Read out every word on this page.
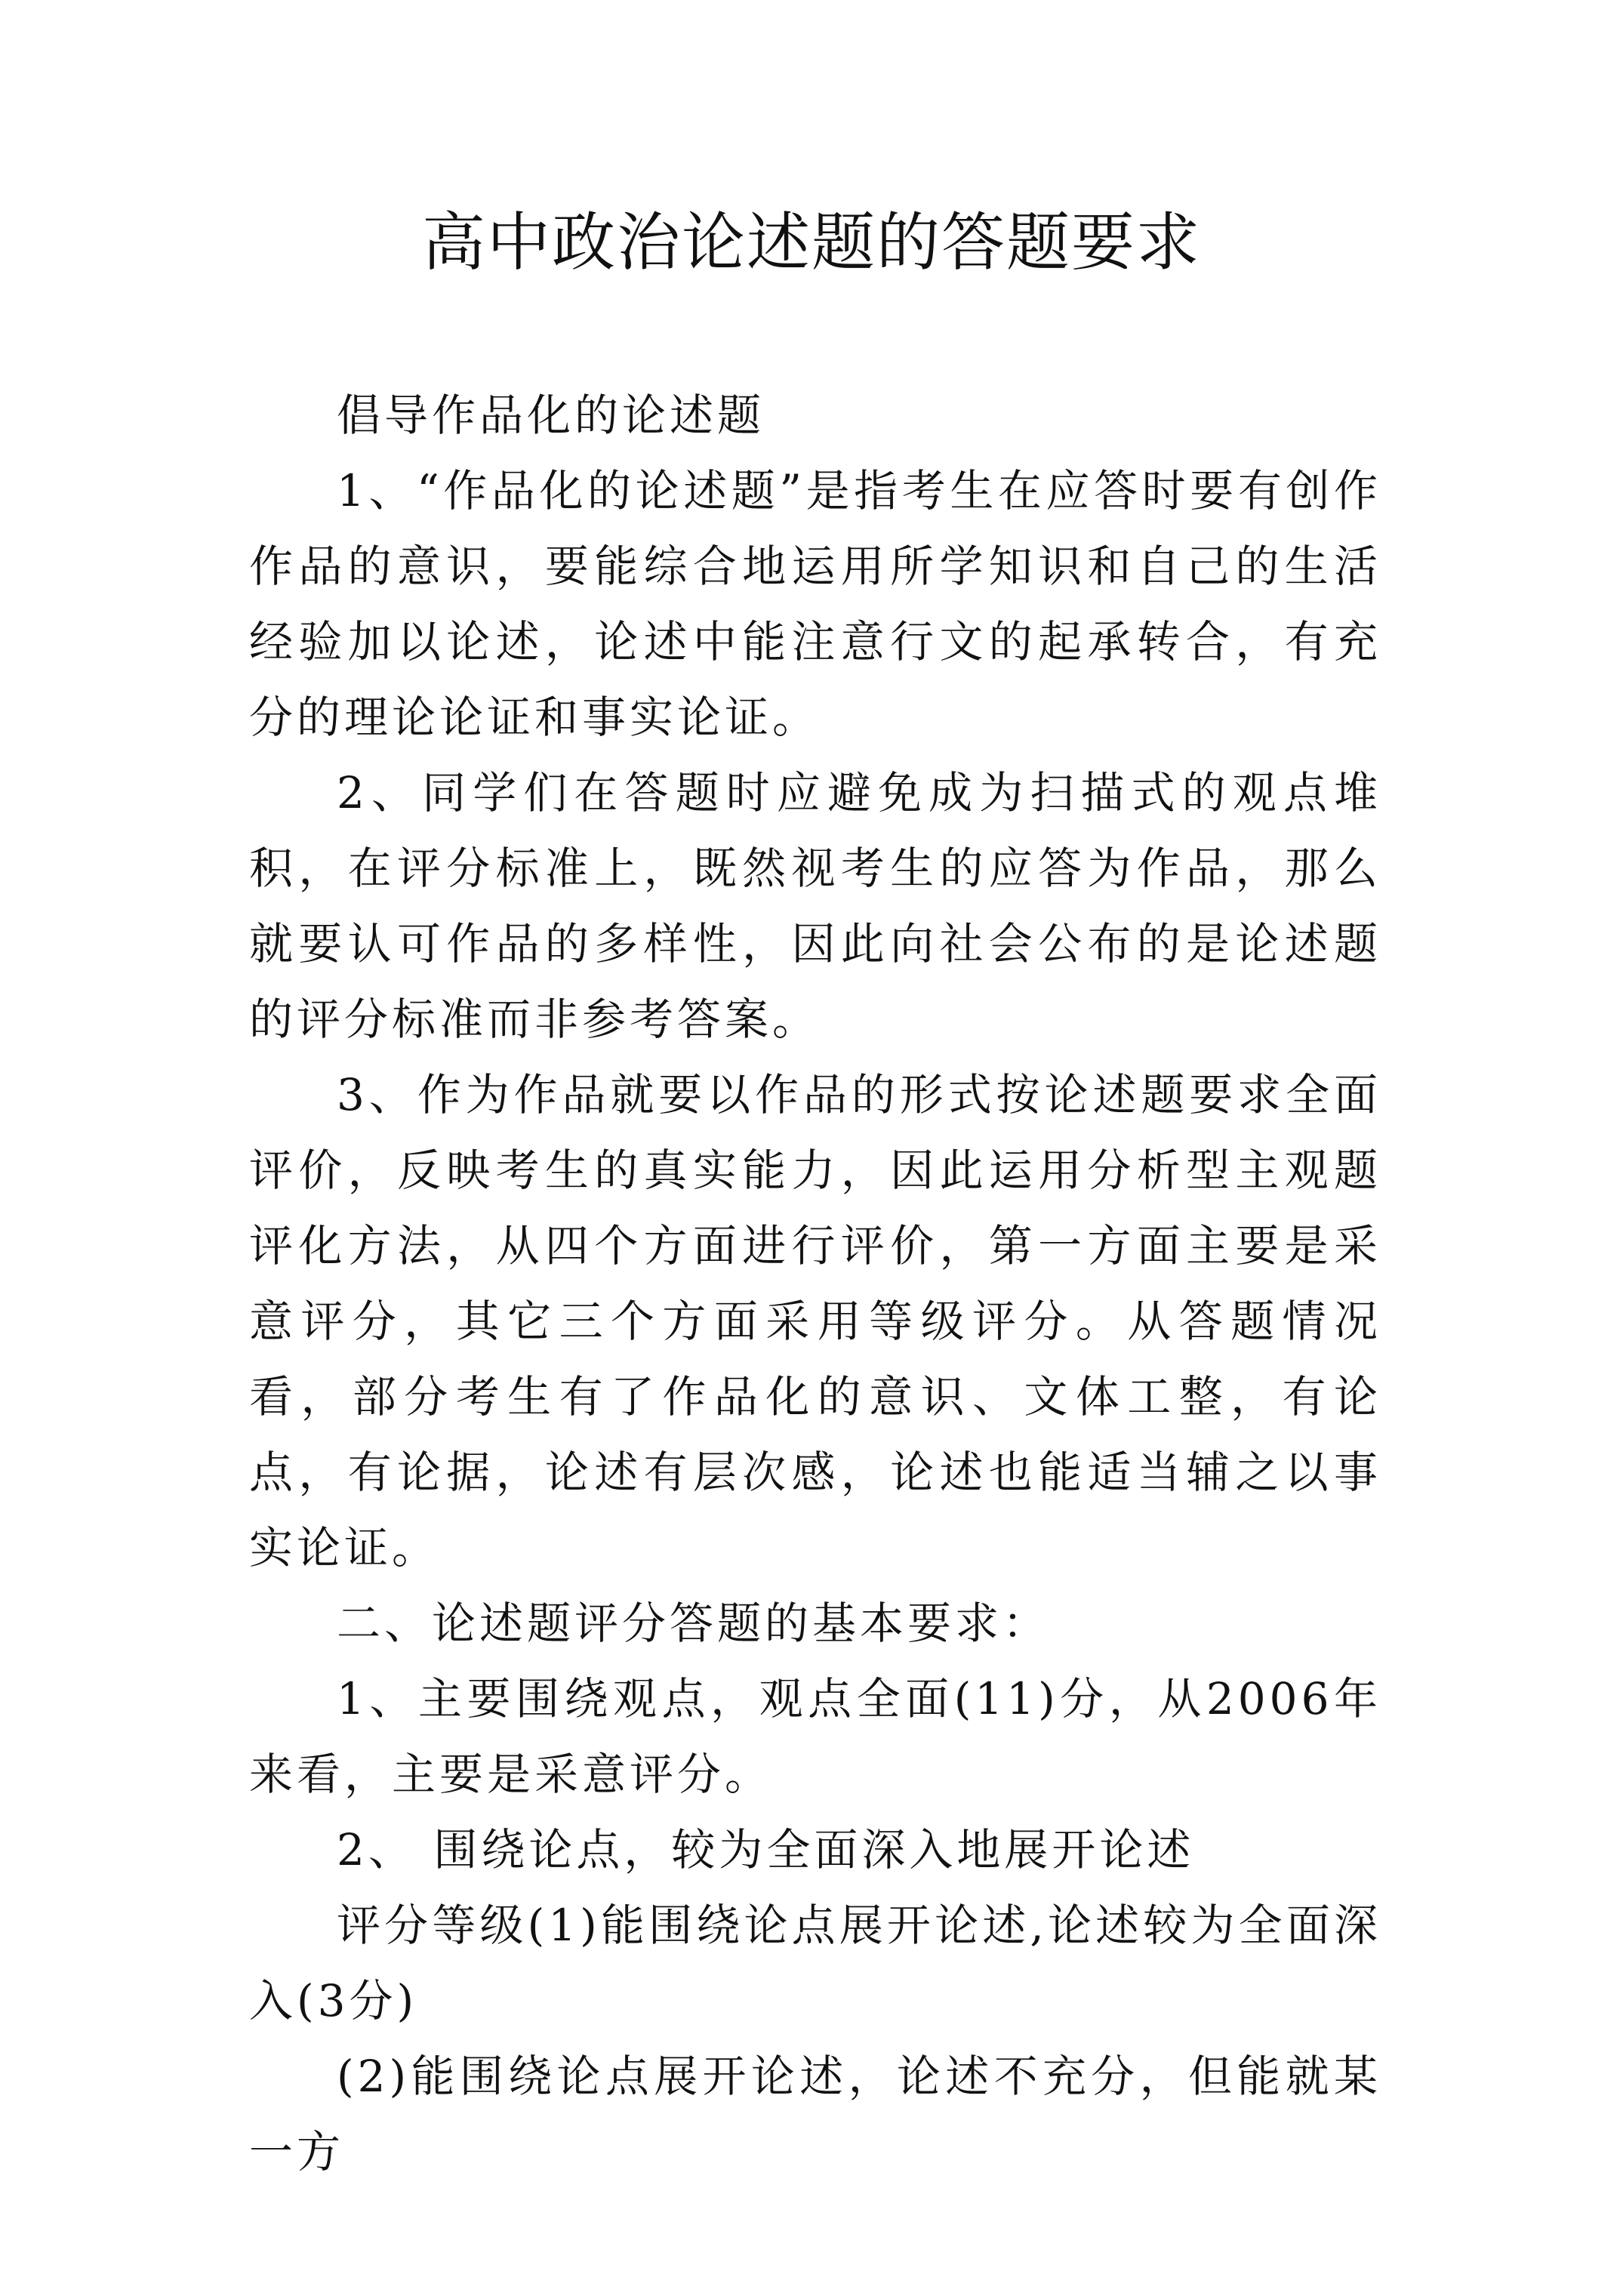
高中政治论述题的答题要求

倡导作品化的论述题

1、“作品化的论述题”是指考生在应答时要有创作作品的意识，要能综合地运用所学知识和自己的生活经验加以论述，论述中能注意行文的起承转合，有充分的理论论证和事实论证。

2、同学们在答题时应避免成为扫描式的观点堆积，在评分标准上，既然视考生的应答为作品，那么就要认可作品的多样性，因此向社会公布的是论述题的评分标准而非参考答案。

3、作为作品就要以作品的形式按论述题要求全面评价，反映考生的真实能力，因此运用分析型主观题评化方法，从四个方面进行评价，第一方面主要是采意评分，其它三个方面采用等级评分。从答题情况看，部分考生有了作品化的意识、文体工整，有论点，有论据，论述有层次感，论述也能适当辅之以事实论证。

二、论述题评分答题的基本要求：

1、主要围绕观点，观点全面(11)分，从2006年来看，主要是采意评分。

2、 围绕论点，较为全面深入地展开论述

评分等级(1)能围绕论点展开论述,论述较为全面深入(3分)

(2)能围绕论点展开论述，论述不充分，但能就某一方
